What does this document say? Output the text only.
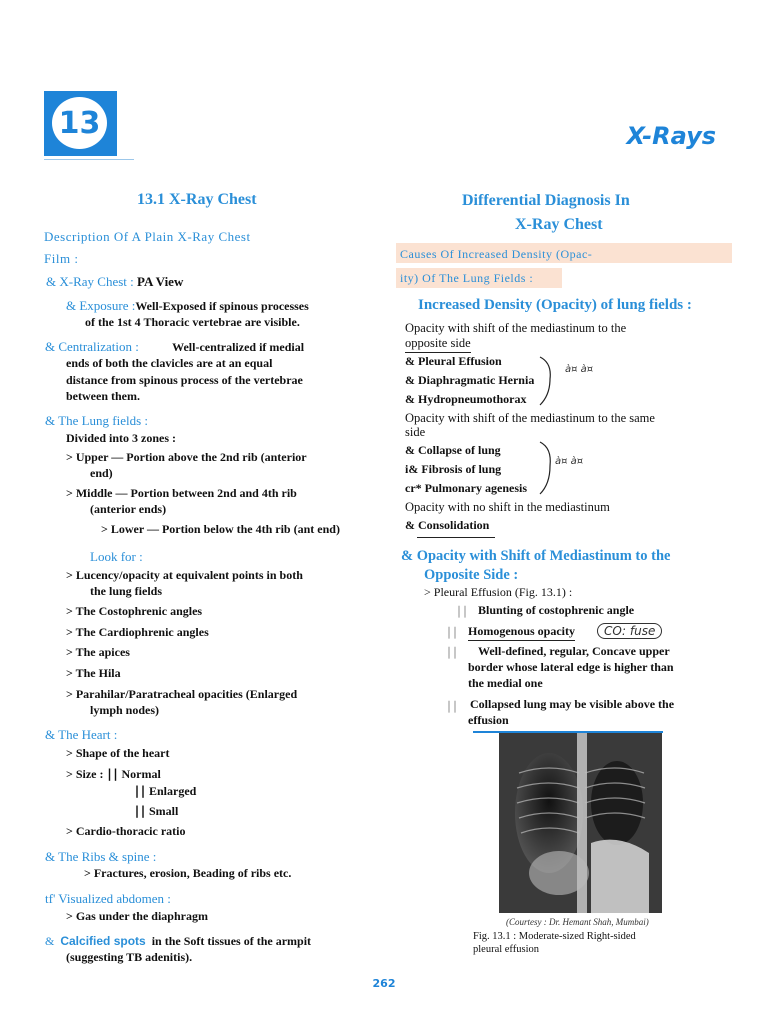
13	X-Rays
13.1 X-Ray Chest
Description Of A Plain X-Ray Chest
Film :
& X-Ray Chest : PA View
& Exposure :Well-Exposed if spinous processes
of the 1st 4 Thoracic vertebrae are visible.
& Centralization :	Well-centralized if medial
ends of both the clavicles are at an equal
distance from spinous process of the vertebrae
between them.
& The Lung fields :
Divided into 3 zones :
> Upper — Portion above the 2nd rib (anterior
end)
> Middle — Portion between 2nd and 4th rib
(anterior ends)
> Lower — Portion below the 4th rib (ant end)
Look for :
> Lucency/opacity at equivalent points in both
the lung fields
> The Costophrenic angles
> The Cardiophrenic angles
> The apices
> The Hila
> Parahilar/Paratracheal opacities (Enlarged
lymph nodes)
& The Heart :
> Shape of the heart
> Size : ∣∣ Normal
∣∣ Enlarged
∣∣ Small
> Cardio-thoracic ratio
& The Ribs & spine :
> Fractures, erosion, Beading of ribs etc.
tf' Visualized abdomen :
> Gas under the diaphragm
& Calcified spots in the Soft tissues of the armpit
(suggesting TB adenitis).
Differential Diagnosis In
X-Ray Chest
Causes Of Increased Density (Opac-
ity) Of The Lung Fields :
Increased Density (Opacity) of lung fields :
Opacity with shift of the mediastinum to the
opposite side
& Pleural Effusion
& Diaphragmatic Hernia
& Hydropneumothorax
à¤ à¤
Opacity with shift of the mediastinum to the same
side
& Collapse of lung
i& Fibrosis of lung
cr* Pulmonary agenesis
à¤ à¤
Opacity with no shift in the mediastinum
& Consolidation
& Opacity with Shift of Mediastinum to the
Opposite Side :
> Pleural Effusion (Fig. 13.1) :
∣∣ Blunting of costophrenic angle
∣∣ Homogenous opacity	CO: fuse
∣∣ Well-defined, regular, Concave upper
border whose lateral edge is higher than
the medial one
∣∣ Collapsed lung may be visible above the
effusion
(Courtesy : Dr. Hemant Shah, Mumbai)
Fig. 13.1 : Moderate-sized Right-sided
pleural effusion
262
